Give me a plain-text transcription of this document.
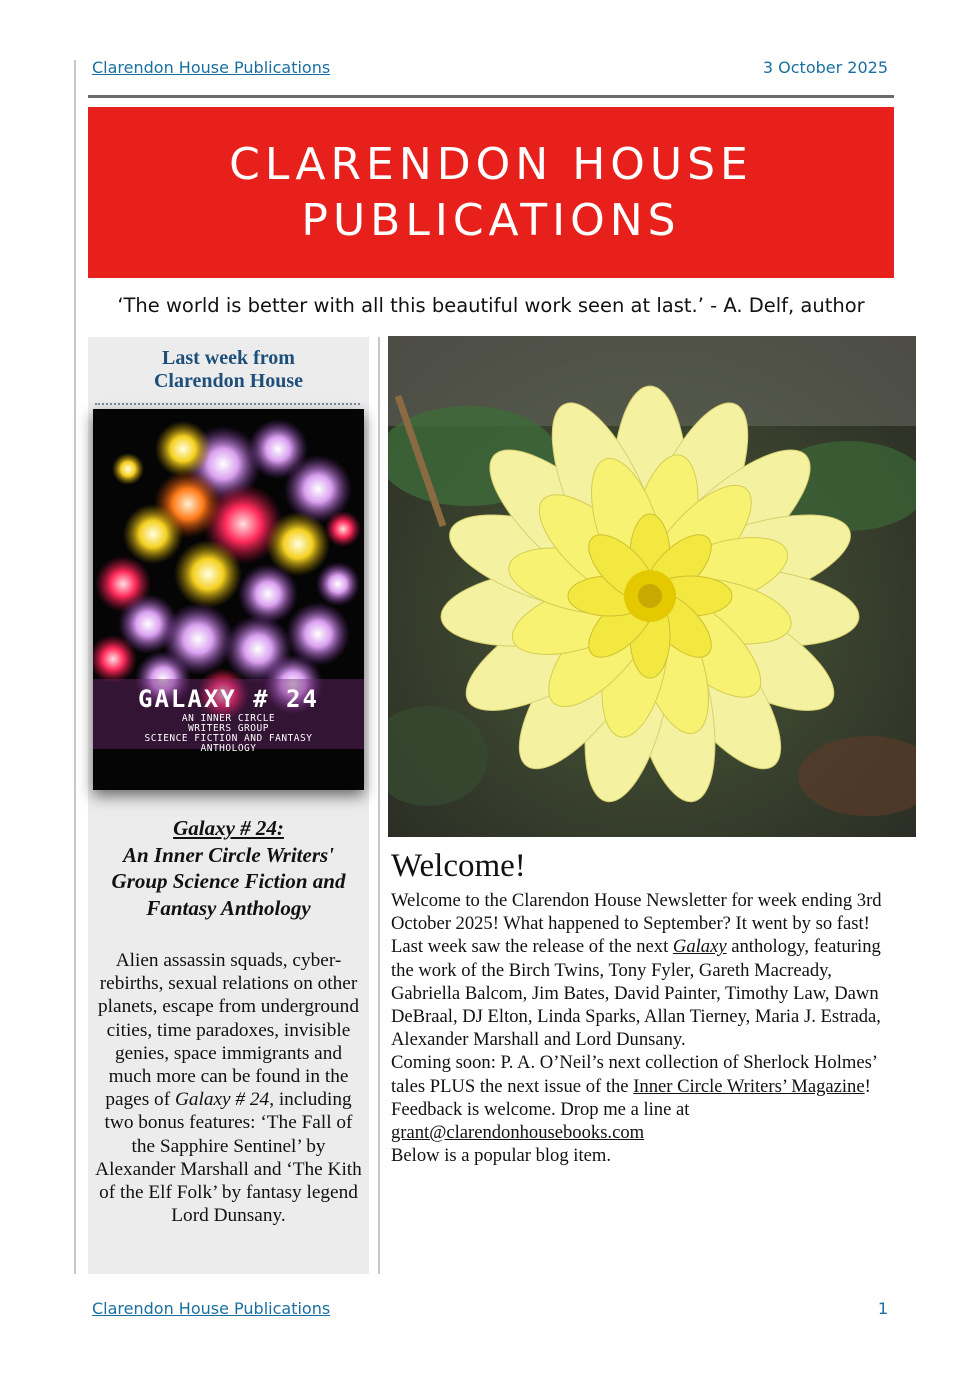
Clarendon House Publications	3 October 2025
CLARENDON HOUSE
PUBLICATIONS
‘The world is better with all this beautiful work seen at last.’ - A. Delf, author
Last week from
Clarendon House
GALAXY # 24
AN INNER CIRCLE
WRITERS GROUP
SCIENCE FICTION AND FANTASY
ANTHOLOGY
Galaxy # 24:
An Inner Circle Writers'
Group Science Fiction and
Fantasy Anthology
Alien assassin squads, cyber-rebirths, sexual relations on other planets, escape from underground cities, time paradoxes, invisible genies, space immigrants and much more can be found in the pages of Galaxy # 24, including two bonus features: ‘The Fall of the Sapphire Sentinel’ by Alexander Marshall and ‘The Kith of the Elf Folk’ by fantasy legend Lord Dunsany.
Welcome!

Welcome to the Clarendon House Newsletter for week ending 3rd October 2025! What happened to September? It went by so fast!

Last week saw the release of the next Galaxy anthology, featuring the work of the Birch Twins, Tony Fyler, Gareth Macready, Gabriella Balcom, Jim Bates, David Painter, Timothy Law, Dawn DeBraal, DJ Elton, Linda Sparks, Allan Tierney, Maria J. Estrada, Alexander Marshall and Lord Dunsany.

Coming soon: P. A. O’Neil’s next collection of Sherlock Holmes’ tales PLUS the next issue of the Inner Circle Writers’ Magazine!

Feedback is welcome. Drop me a line at grant@clarendonhousebooks.com

Below is a popular blog item.

Clarendon House Publications	1
